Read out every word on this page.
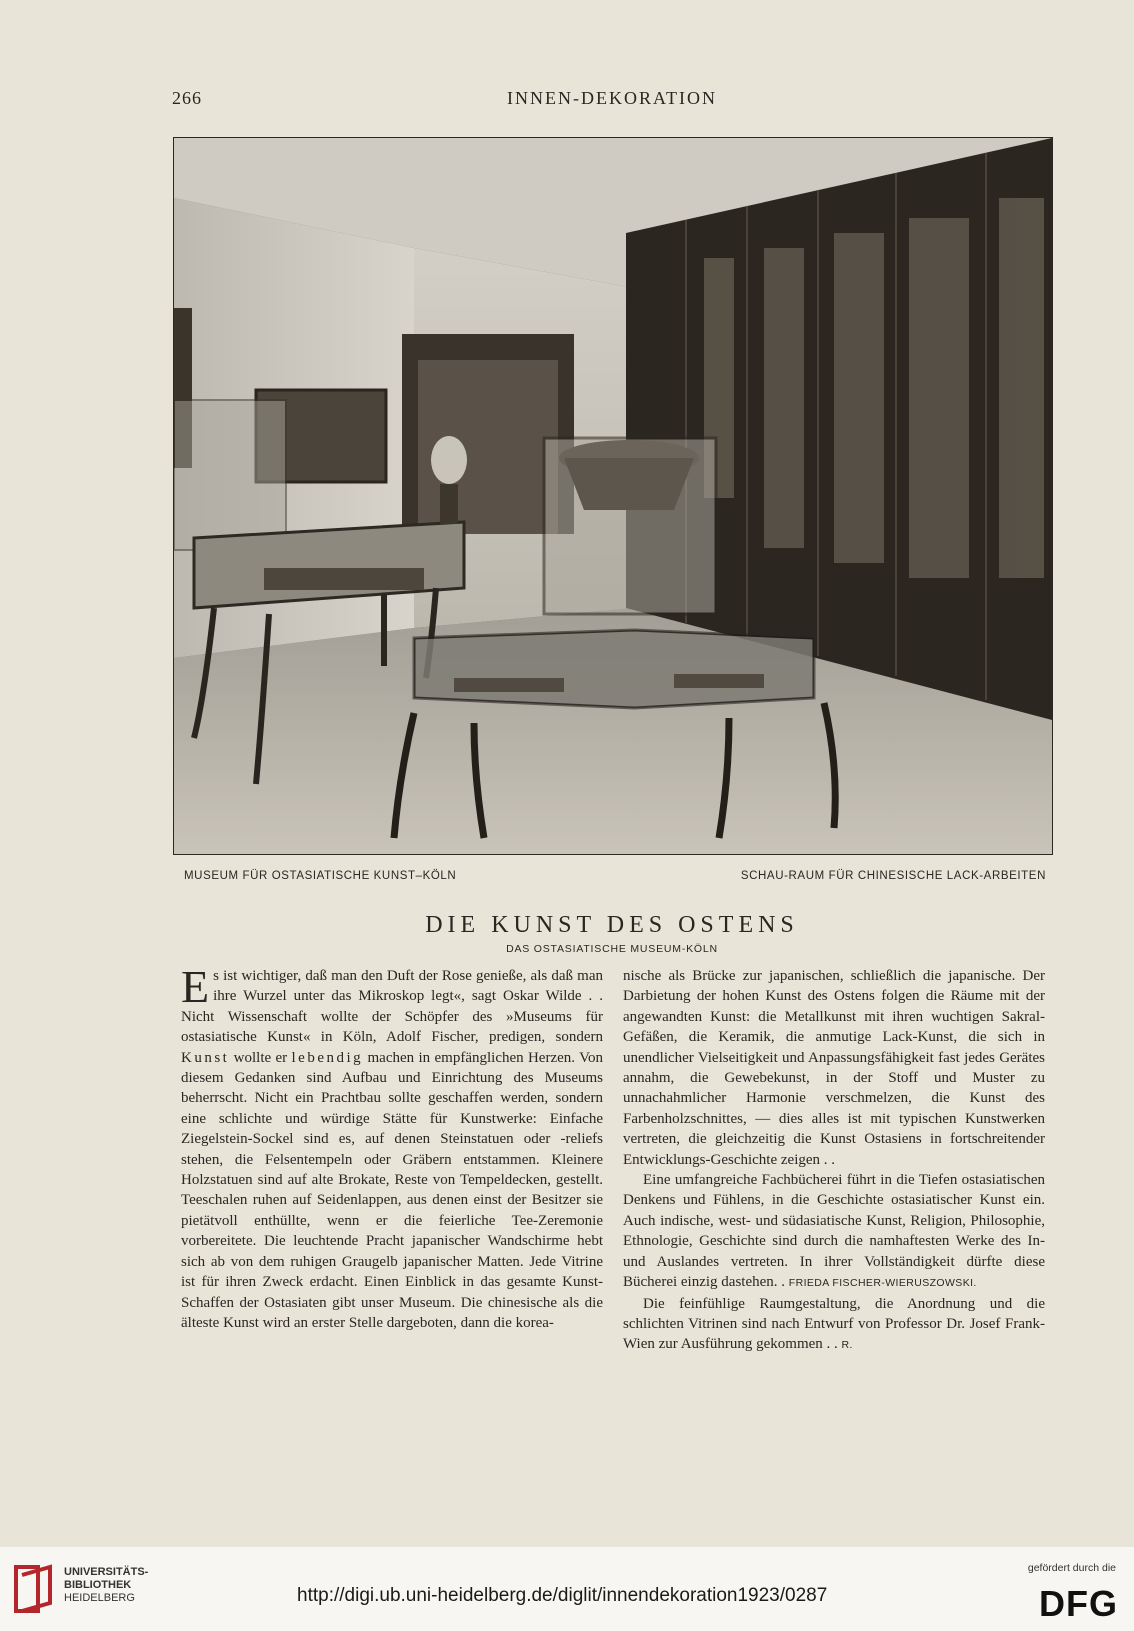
266	INNEN-DEKORATION
MUSEUM FÜR OSTASIATISCHE KUNST–KÖLN	SCHAU-RAUM FÜR CHINESISCHE LACK-ARBEITEN
DIE KUNST DES OSTENS
DAS OSTASIATISCHE MUSEUM-KÖLN

Es ist wichtiger, daß man den Duft der Rose genieße, als daß man ihre Wurzel unter das Mikroskop legt«, sagt Oskar Wilde . . Nicht Wissenschaft wollte der Schöpfer des »Museums für ostasiatische Kunst« in Köln, Adolf Fischer, predigen, sondern Kunst wollte er lebendig machen in empfänglichen Herzen. Von diesem Gedanken sind Aufbau und Einrichtung des Museums beherrscht. Nicht ein Prachtbau sollte geschaffen werden, sondern eine schlichte und würdige Stätte für Kunstwerke: Einfache Ziegelstein-Sockel sind es, auf denen Steinstatuen oder -reliefs stehen, die Felsentempeln oder Gräbern entstammen. Kleinere Holzstatuen sind auf alte Brokate, Reste von Tempeldecken, gestellt. Teeschalen ruhen auf Seidenlappen, aus denen einst der Besitzer sie pietätvoll enthüllte, wenn er die feierliche Tee-Zeremonie vorbereitete. Die leuchtende Pracht japanischer Wandschirme hebt sich ab von dem ruhigen Graugelb japanischer Matten. Jede Vitrine ist für ihren Zweck erdacht. Einen Einblick in das gesamte Kunst-Schaffen der Ostasiaten gibt unser Museum. Die chinesische als die älteste Kunst wird an erster Stelle dargeboten, dann die korea-

nische als Brücke zur japanischen, schließlich die japanische. Der Darbietung der hohen Kunst des Ostens folgen die Räume mit der angewandten Kunst: die Metallkunst mit ihren wuchtigen Sakral-Gefäßen, die Keramik, die anmutige Lack-Kunst, die sich in unendlicher Vielseitigkeit und Anpassungsfähigkeit fast jedes Gerätes annahm, die Gewebekunst, in der Stoff und Muster zu unnachahmlicher Harmonie verschmelzen, die Kunst des Farbenholzschnittes, — dies alles ist mit typischen Kunstwerken vertreten, die gleichzeitig die Kunst Ostasiens in fortschreitender Entwicklungs-Geschichte zeigen . .

Eine umfangreiche Fachbücherei führt in die Tiefen ostasiatischen Denkens und Fühlens, in die Geschichte ostasiatischer Kunst ein. Auch indische, west- und südasiatische Kunst, Religion, Philosophie, Ethnologie, Geschichte sind durch die namhaftesten Werke des In- und Auslandes vertreten. In ihrer Vollständigkeit dürfte diese Bücherei einzig dastehen. . FRIEDA FISCHER-WIERUSZOWSKI.

Die feinfühlige Raumgestaltung, die Anordnung und die schlichten Vitrinen sind nach Entwurf von Professor Dr. Josef Frank-Wien zur Ausführung gekommen . . R.

UNIVERSITÄTS-
BIBLIOTHEK
HEIDELBERG	http://digi.ub.uni-heidelberg.de/diglit/innendekoration1923/0287
gefördert durch die
DFG
